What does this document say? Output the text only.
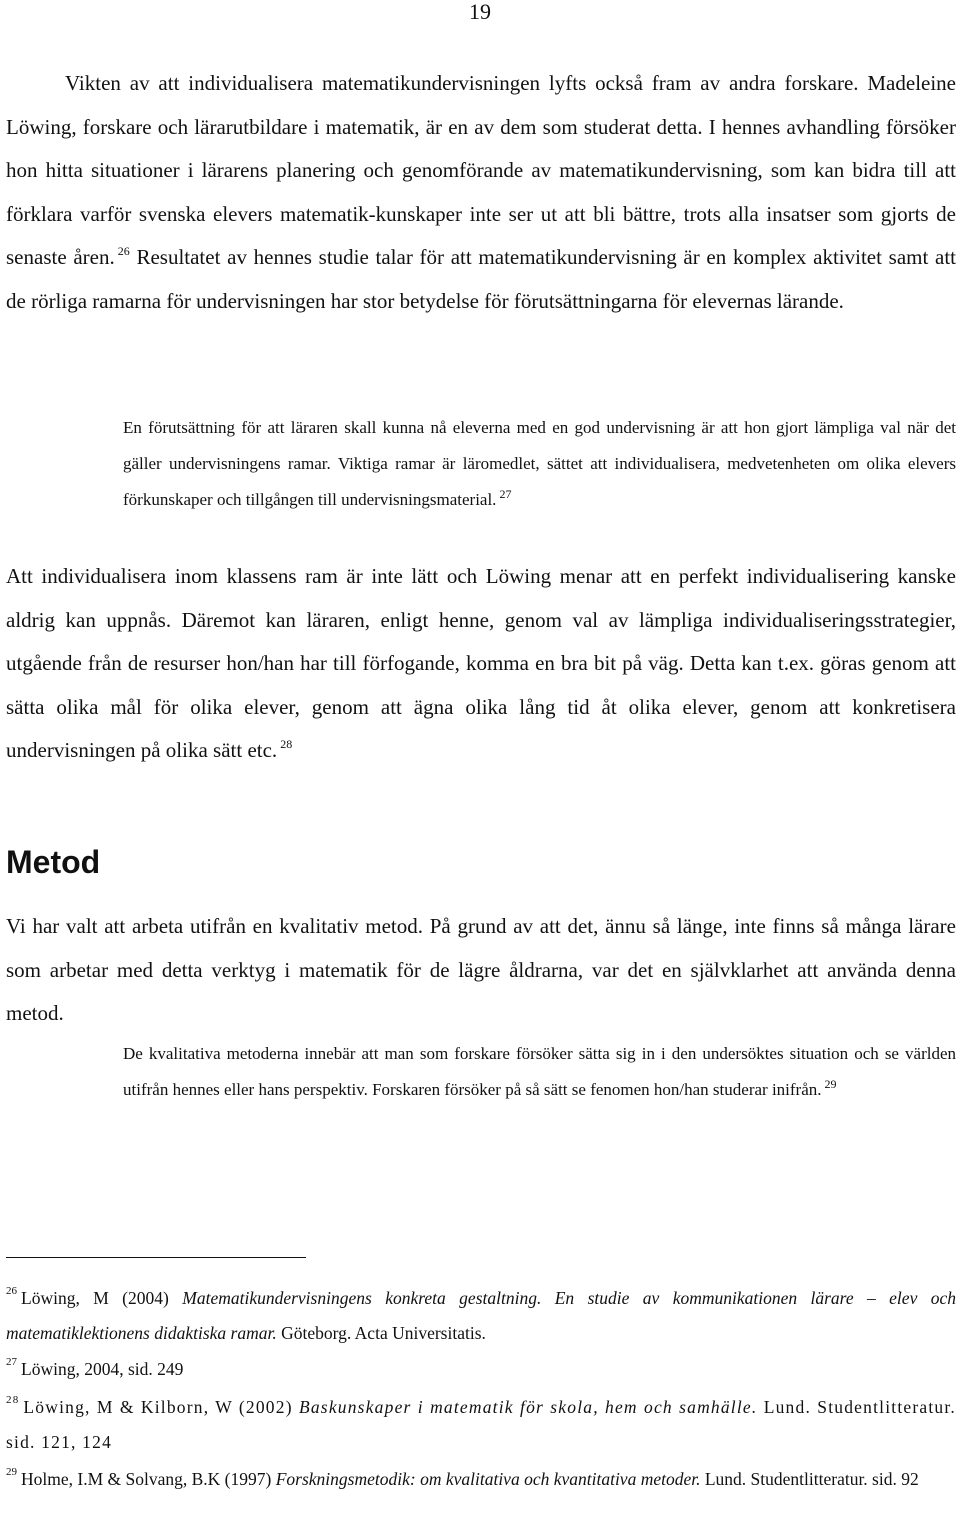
19

Vikten av att individualisera matematikundervisningen lyfts också fram av andra forskare. Madeleine Löwing, forskare och lärarutbildare i matematik, är en av dem som studerat detta. I hennes avhandling försöker hon hitta situationer i lärarens planering och genomförande av matematikundervisning, som kan bidra till att förklara varför svenska elevers matematik-kunskaper inte ser ut att bli bättre, trots alla insatser som gjorts de senaste åren. $^{26}$ Resultatet av hennes studie talar för att matematikundervisning är en komplex aktivitet samt att de rörliga ramarna för undervisningen har stor betydelse för förutsättningarna för elevernas lärande.

En förutsättning för att läraren skall kunna nå eleverna med en god undervisning är att hon gjort lämpliga val när det gäller undervisningens ramar. Viktiga ramar är läromedlet, sättet att individualisera, medvetenheten om olika elevers förkunskaper och tillgången till undervisningsmaterial. $^{27}$

Att individualisera inom klassens ram är inte lätt och Löwing menar att en perfekt individualisering kanske aldrig kan uppnås. Däremot kan läraren, enligt henne, genom val av lämpliga individualiseringsstrategier, utgående från de resurser hon/han har till förfogande, komma en bra bit på väg. Detta kan t.ex. göras genom att sätta olika mål för olika elever, genom att ägna olika lång tid åt olika elever, genom att konkretisera undervisningen på olika sätt etc. $^{28}$

Metod

Vi har valt att arbeta utifrån en kvalitativ metod. På grund av att det, ännu så länge, inte finns så många lärare som arbetar med detta verktyg i matematik för de lägre åldrarna, var det en självklarhet att använda denna metod.

De kvalitativa metoderna innebär att man som forskare försöker sätta sig in i den undersöktes situation och se världen utifrån hennes eller hans perspektiv. Forskaren försöker på så sätt se fenomen hon/han studerar inifrån. $^{29}$

$^{26}$ Löwing, M (2004) Matematikundervisningens konkreta gestaltning. En studie av kommunikationen lärare – elev och matematiklektionens didaktiska ramar. Göteborg. Acta Universitatis.

$^{27}$ Löwing, 2004, sid. 249

$^{28}$ Löwing, M & Kilborn, W (2002) Baskunskaper i matematik för skola, hem och samhälle. Lund. Studentlitteratur. sid. 121, 124

$^{29}$ Holme, I.M & Solvang, B.K (1997) Forskningsmetodik: om kvalitativa och kvantitativa metoder. Lund. Studentlitteratur. sid. 92
